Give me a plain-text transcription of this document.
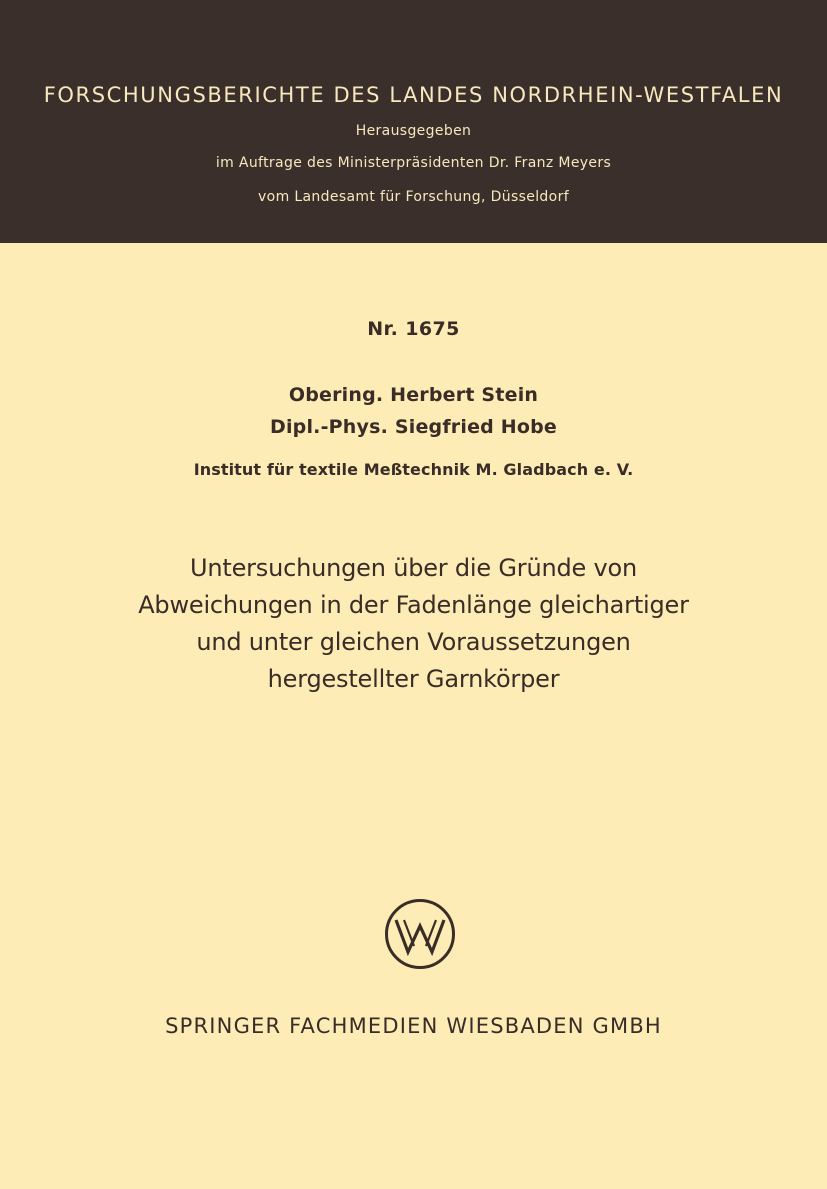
FORSCHUNGSBERICHTE DES LANDES NORDRHEIN-WESTFALEN
Herausgegeben
im Auftrage des Ministerpräsidenten Dr. Franz Meyers
vom Landesamt für Forschung, Düsseldorf
Nr. 1675
Obering. Herbert Stein
Dipl.-Phys. Siegfried Hobe
Institut für textile Meßtechnik M. Gladbach e. V.
Untersuchungen über die Gründe von
Abweichungen in der Fadenlänge gleichartiger
und unter gleichen Voraussetzungen
hergestellter Garnkörper
SPRINGER FACHMEDIEN WIESBADEN GMBH
